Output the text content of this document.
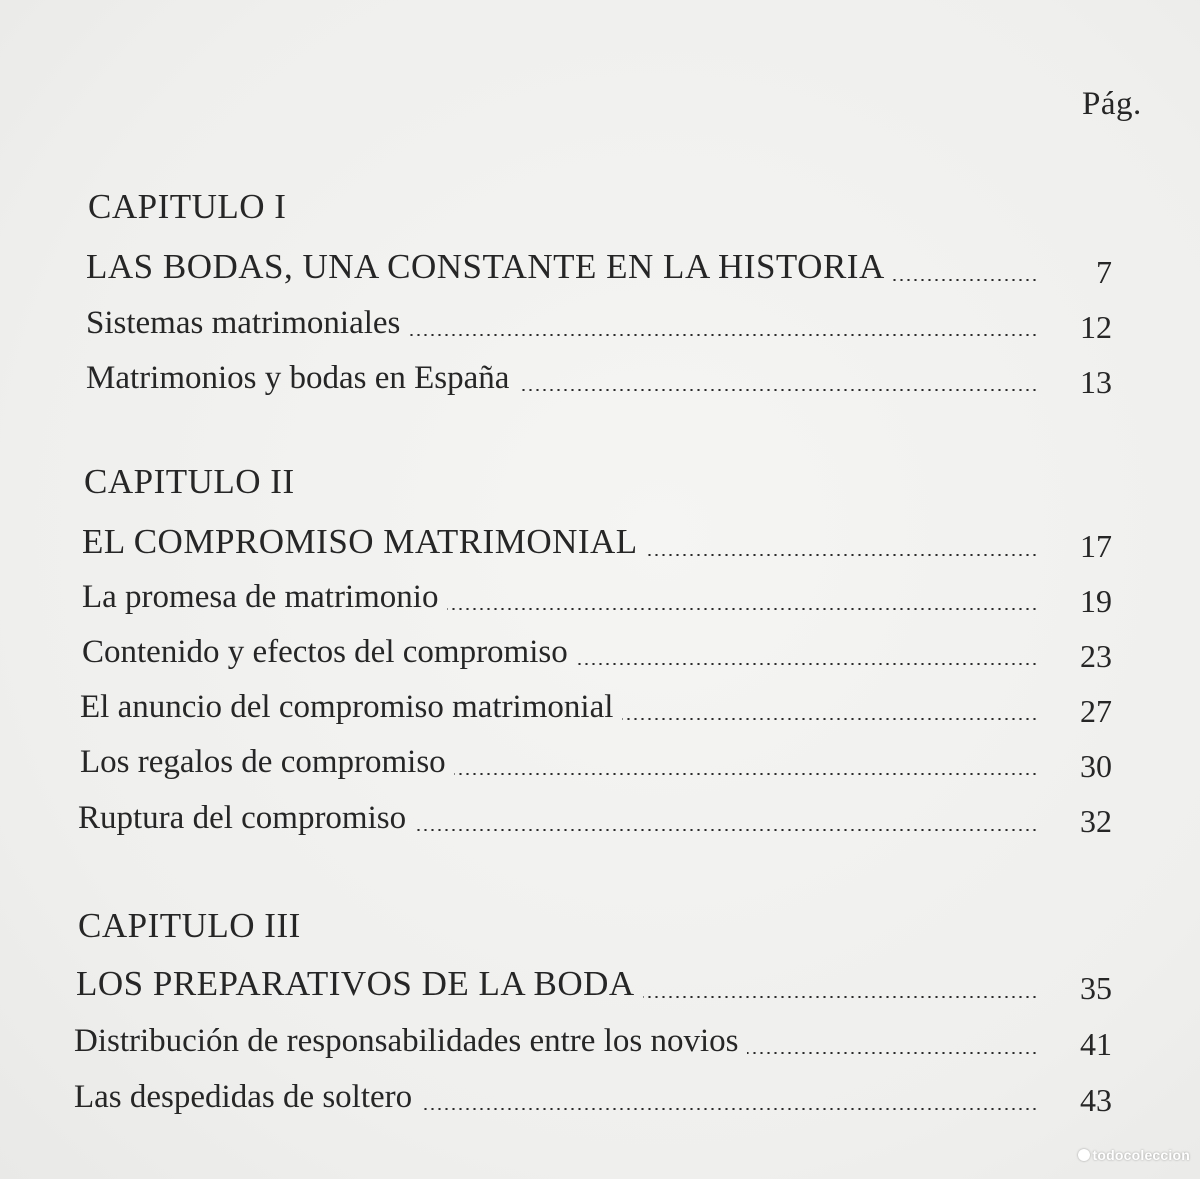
Pág.
CAPITULO I
LAS BODAS, UNA CONSTANTE EN LA HISTORIA	7
Sistemas matrimoniales	12
Matrimonios y bodas en España	13
CAPITULO II
EL COMPROMISO MATRIMONIAL	17
La promesa de matrimonio	19
Contenido y efectos del compromiso	23
El anuncio del compromiso matrimonial	27
Los regalos de compromiso	30
Ruptura del compromiso	32
CAPITULO III
LOS PREPARATIVOS DE LA BODA	35
Distribución de responsabilidades entre los novios	41
Las despedidas de soltero	43
todocoleccion
